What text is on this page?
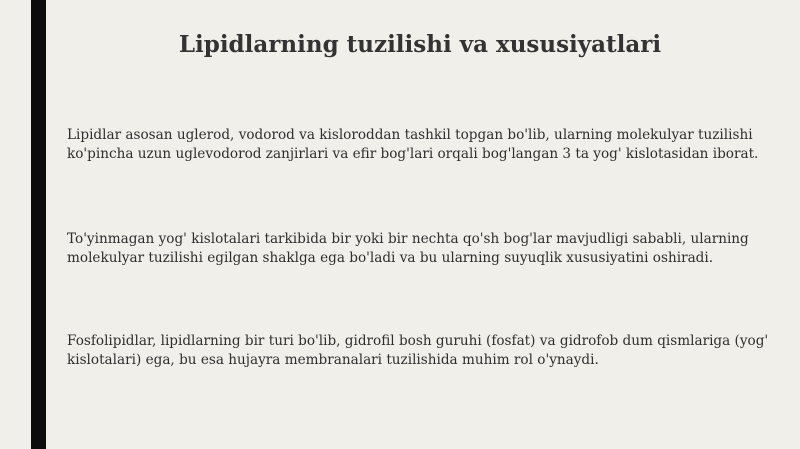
Lipidlarning tuzilishi va xususiyatlari

Lipidlar asosan uglerod, vodorod va kisloroddan tashkil topgan bo'lib, ularning molekulyar tuzilishi ko'pincha uzun uglevodorod zanjirlari va efir bog'lari orqali bog'langan 3 ta yog' kislotasidan iborat.

To'yinmagan yog' kislotalari tarkibida bir yoki bir nechta qo'sh bog'lar mavjudligi sababli, ularning molekulyar tuzilishi egilgan shaklga ega bo'ladi va bu ularning suyuqlik xususiyatini oshiradi.

Fosfolipidlar, lipidlarning bir turi bo'lib, gidrofil bosh guruhi (fosfat) va gidrofob dum qismlariga (yog' kislotalari) ega, bu esa hujayra membranalari tuzilishida muhim rol o'ynaydi.
